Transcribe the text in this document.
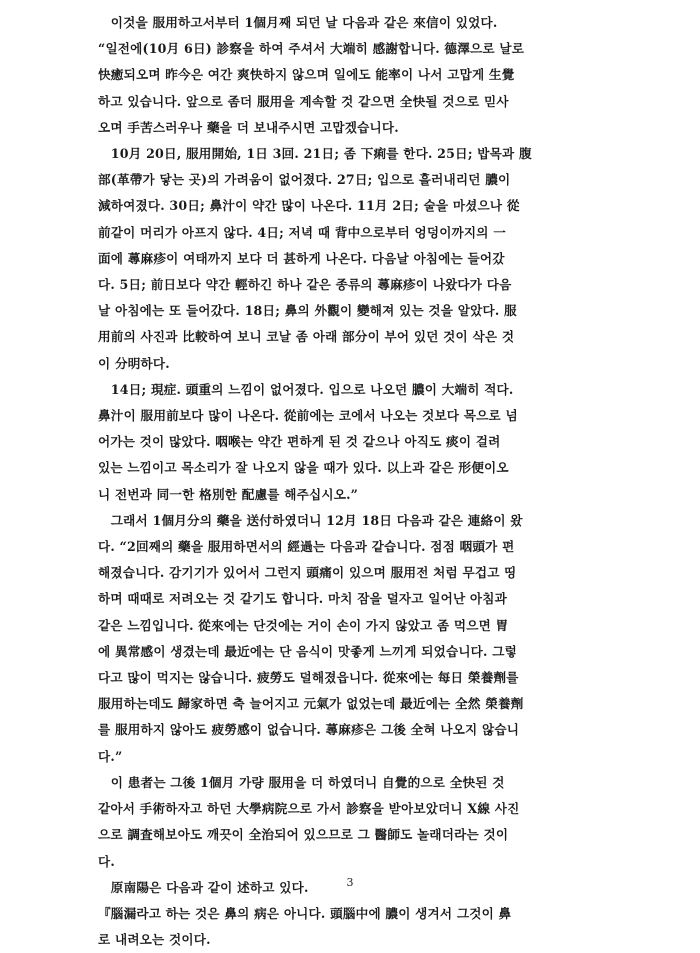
　이것을 服用하고서부터 1個月째 되던 날 다음과 같은 來信이 있었다.
“일전에(10月 6日) 診察을 하여 주셔서 大端히 感謝합니다. 德澤으로 날로
快癒되오며 昨今은 여간 爽快하지 않으며 일에도 能率이 나서 고맙게 生覺
하고 있습니다. 앞으로 좀더 服用을 계속할 것 같으면 全快될 것으로 믿사
오며 手苦스러우나 藥을 더 보내주시면 고맙겠습니다.
　10月 20日, 服用開始, 1日 3回. 21日; 좀 下痢를 한다. 25日; 밥목과 腹
部(革帶가 닿는 곳)의 가려움이 없어졌다. 27日; 입으로 흘러내리던 膿이
減하여졌다. 30日; 鼻汁이 약간 많이 나온다. 11月 2日; 술을 마셨으나 從
前같이 머리가 아프지 않다. 4日; 저녁 때 背中으로부터 엉덩이까지의 一
面에 蕁麻疹이 여태까지 보다 더 甚하게 나온다. 다음날 아침에는 들어갔
다. 5日; 前日보다 약간 輕하긴 하나 같은 종류의 蕁麻疹이 나왔다가 다음
날 아침에는 또 들어갔다. 18日; 鼻의 外觀이 變해져 있는 것을 알았다. 服
用前의 사진과 比較하여 보니 코날 좀 아래 部分이 부어 있던 것이 삭은 것
이 分明하다.
　14日; 現症. 頭重의 느낌이 없어졌다. 입으로 나오던 膿이 大端히 적다.
鼻汁이 服用前보다 많이 나온다. 從前에는 코에서 나오는 것보다 목으로 넘
어가는 것이 많았다. 咽喉는 약간 편하게 된 것 같으나 아직도 痰이 걸려
있는 느낌이고 목소리가 잘 나오지 않을 때가 있다. 以上과 같은 形便이오
니 전번과 同一한 格別한 配慮를 해주십시오.”
　그래서 1個月分의 藥을 送付하였더니 12月 18日 다음과 같은 連絡이 왔
다. “2回째의 藥을 服用하면서의 經過는 다음과 같습니다. 점점 咽頭가 편
해졌습니다. 감기기가 있어서 그런지 頭痛이 있으며 服用전 처럼 무겁고 띵
하며 때때로 저려오는 것 같기도 합니다. 마치 잠을 덜자고 일어난 아침과
같은 느낌입니다. 從來에는 단것에는 거이 손이 가지 않았고 좀 먹으면 胃
에 異常感이 생겼는데 最近에는 단 음식이 맛좋게 느끼게 되었습니다. 그렇
다고 많이 먹지는 않습니다. 疲勞도 덜해졌읍니다. 從來에는 每日 榮養劑를
服用하는데도 歸家하면 축 늘어지고 元氣가 없었는데 最近에는 全然 榮養劑
를 服用하지 않아도 疲勞感이 없습니다. 蕁麻疹은 그後 全혀 나오지 않습니
다.”
　이 患者는 그後 1個月 가량 服用을 더 하였더니 自覺的으로 全快된 것
같아서 手術하자고 하던 大學病院으로 가서 診察을 받아보았더니 X線 사진
으로 調査해보아도 깨끗이 全治되어 있으므로 그 醫師도 놀래더라는 것이
다.
　原南陽은 다음과 같이 述하고 있다.
『腦漏라고 하는 것은 鼻의 病은 아니다. 頭腦中에 膿이 생겨서 그것이 鼻
로 내려오는 것이다.
3
